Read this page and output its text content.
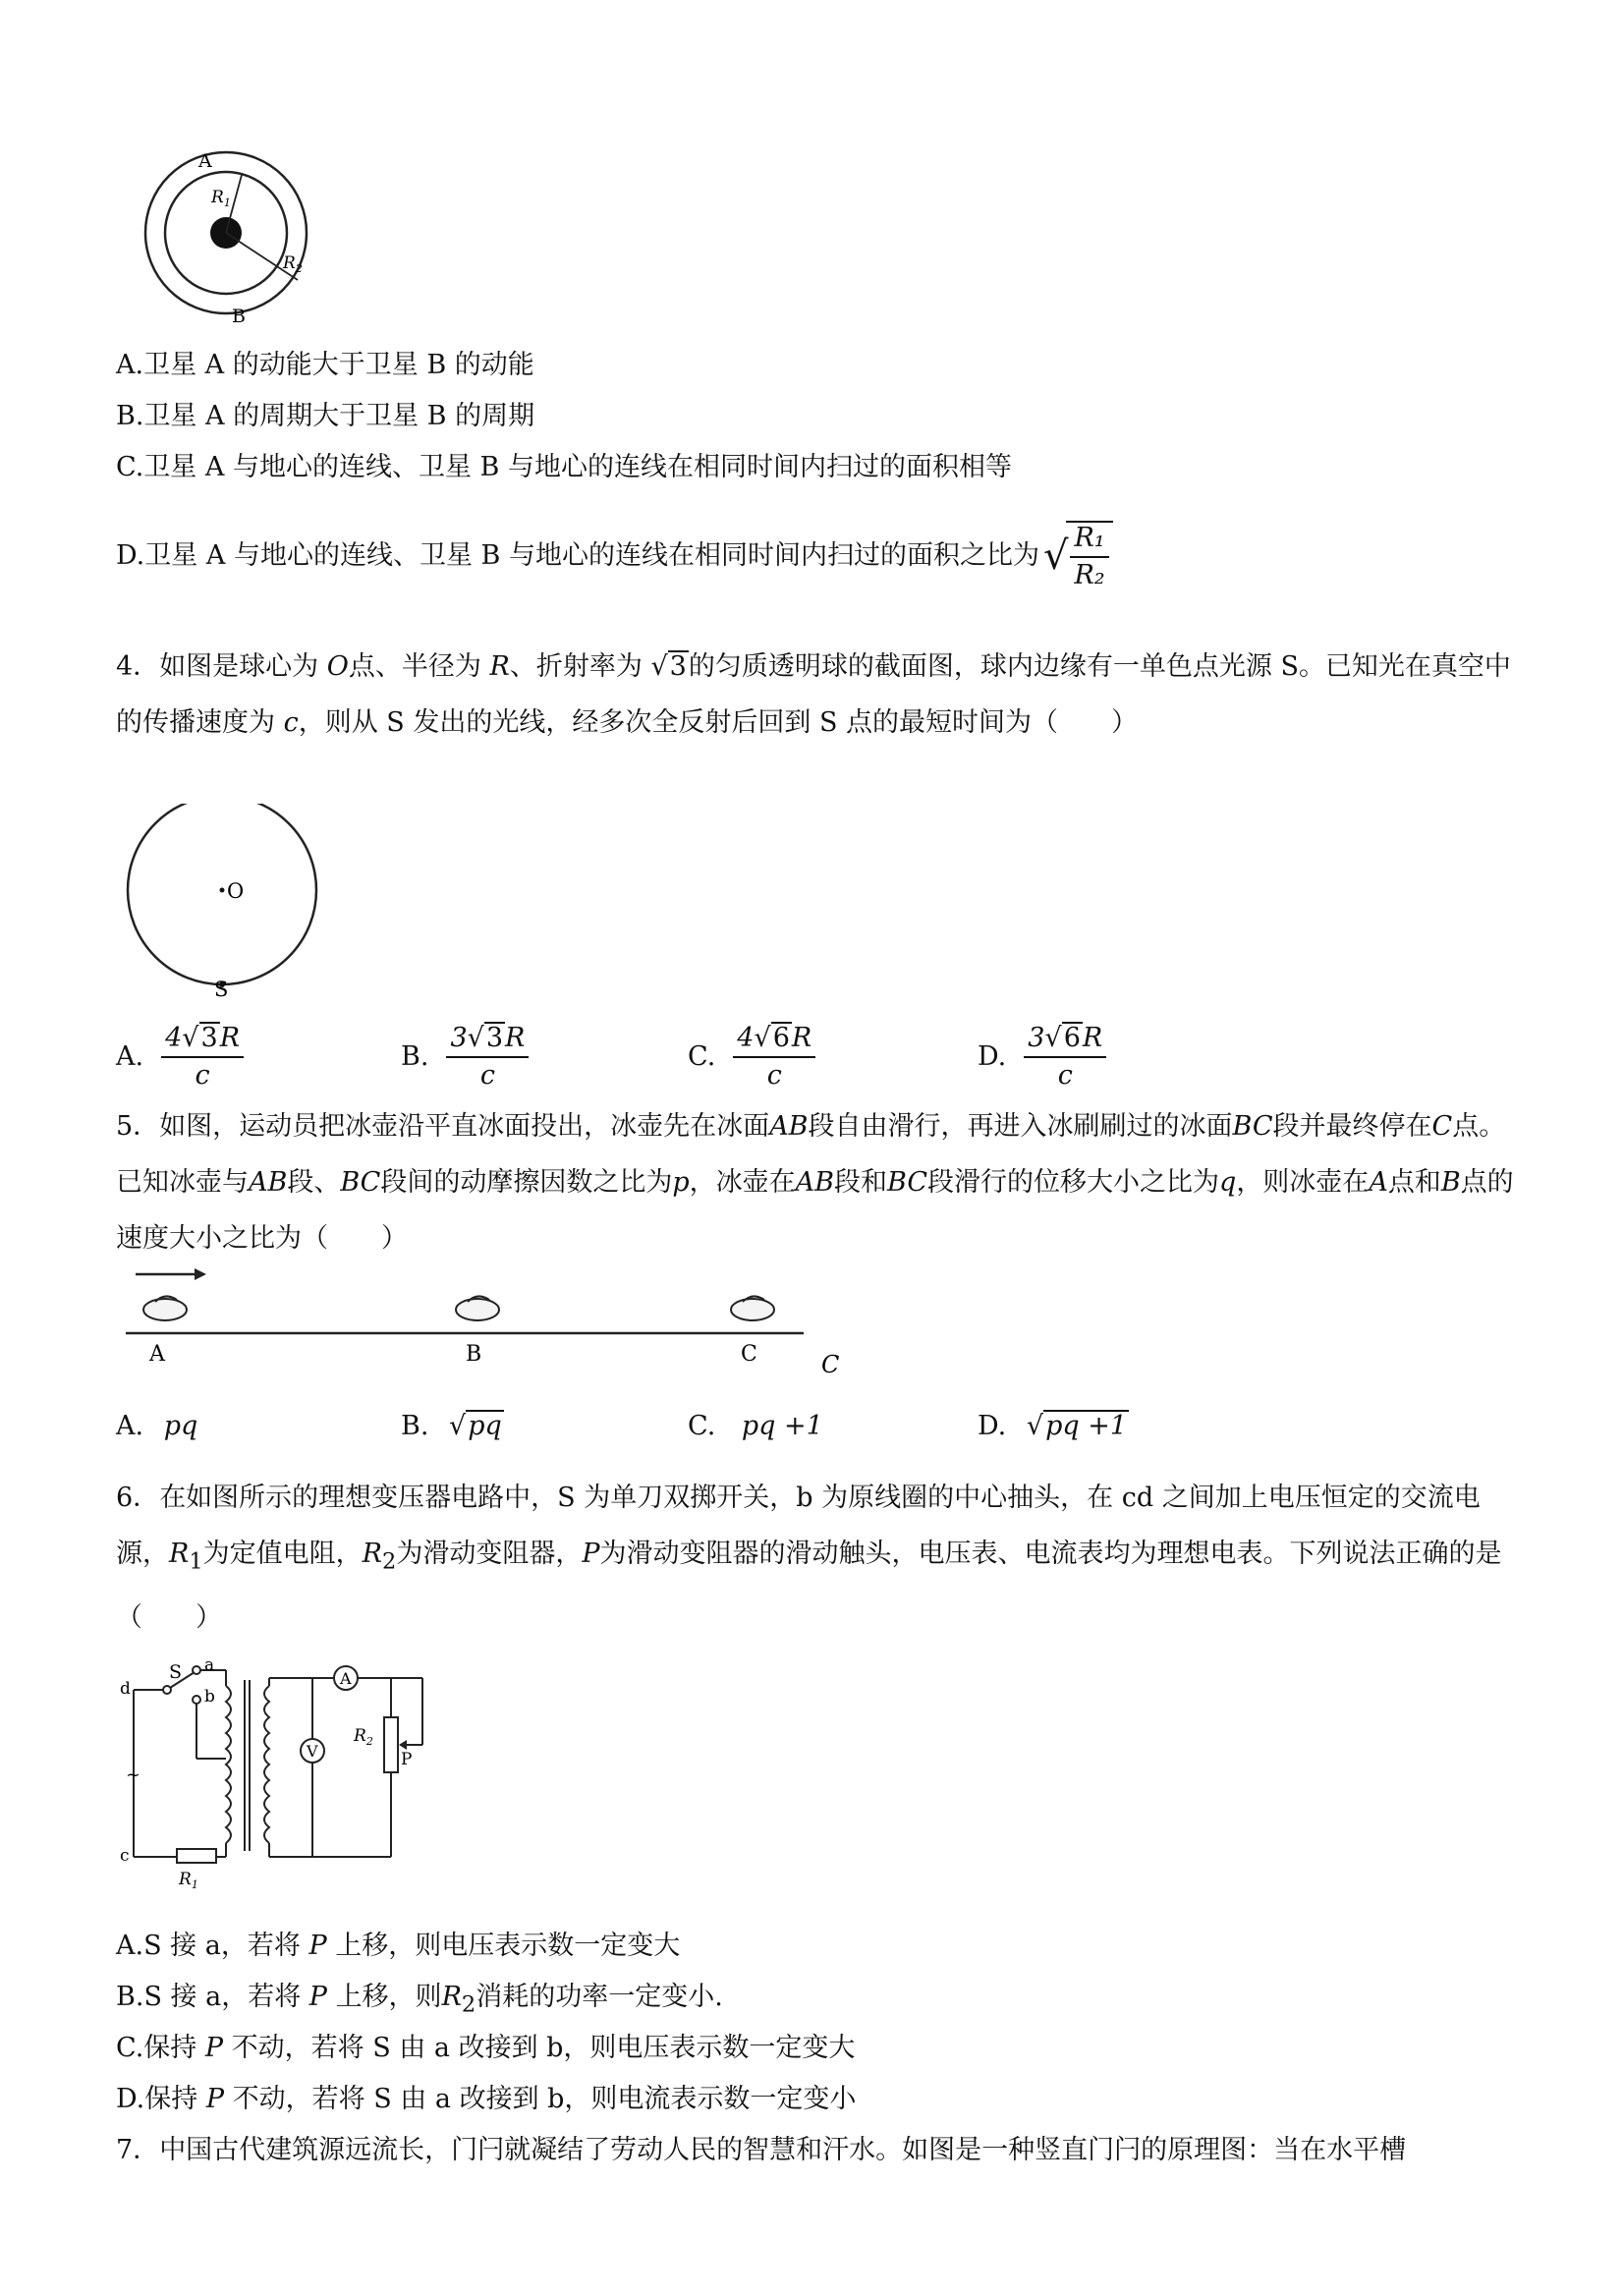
A
$R_1$
$R_2$
B
A.卫星 A 的动能大于卫星 B 的动能
B.卫星 A 的周期大于卫星 B 的周期
C.卫星 A 与地心的连线、卫星 B 与地心的连线在相同时间内扫过的面积相等
D. 卫星 A 与地心的连线、卫星 B 与地心的连线在相同时间内扫过的面积之比为 √
$\frac{\text{R₁}}{\text{R₂}}$
4．如图是球心为 O点、半径为 R、折射率为 √3的匀质透明球的截面图，球内边缘有一单色点光源 S。已知光在真空中的传播速度为 c，则从 S 发出的光线，经多次全反射后回到 S 点的最短时间为（　　）
O
S
A. $\frac{4√3R}{c}$	B. $\frac{3√3R}{c}$	C. $\frac{4√6R}{c}$	D. $\frac{3√6R}{c}$
5．如图，运动员把冰壶沿平直冰面投出，冰壶先在冰面AB段自由滑行，再进入冰刷刷过的冰面BC段并最终停在C点。已知冰壶与AB段、BC段间的动摩擦因数之比为p，冰壶在AB段和BC段滑行的位移大小之比为q，则冰壶在A点和B点的速度大小之比为（　　）
A	B	C	C
A. pq	B. √pq	C. pq +1	D. √pq +1
6．在如图所示的理想变压器电路中，S 为单刀双掷开关，b 为原线圈的中心抽头，在 cd 之间加上电压恒定的交流电源，$R_1$为定值电阻，$R_2$为滑动变阻器，P为滑动变阻器的滑动触头，电压表、电流表均为理想电表。下列说法正确的是（　　）
S a
b
d
c
~
A
V
$R_2$
P
$R_1$
A.S 接 a，若将 P 上移，则电压表示数一定变大
B.S 接 a，若将 P 上移，则$R_2$消耗的功率一定变小.
C.保持 P 不动，若将 S 由 a 改接到 b，则电压表示数一定变大
D.保持 P 不动，若将 S 由 a 改接到 b，则电流表示数一定变小
7．中国古代建筑源远流长，门闩就凝结了劳动人民的智慧和汗水。如图是一种竖直门闩的原理图：当在水平槽
